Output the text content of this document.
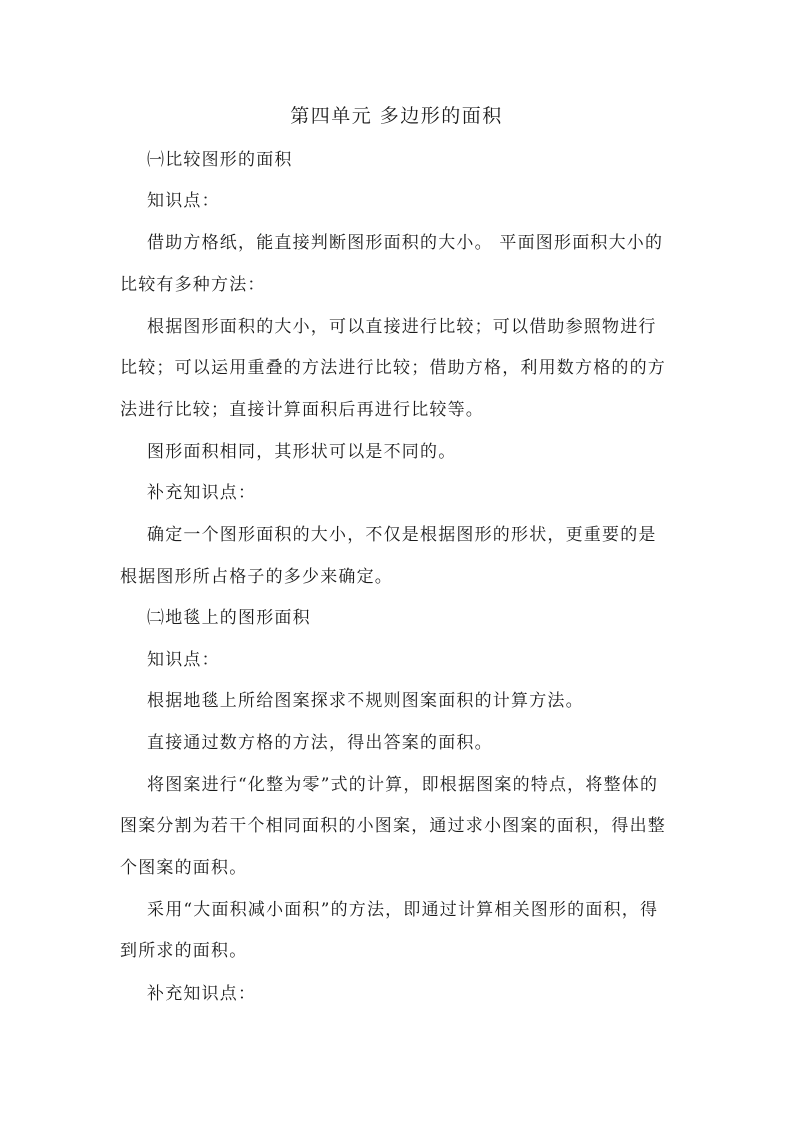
第四单元 多边形的面积
㈠比较图形的面积
知识点：
借助方格纸，能直接判断图形面积的大小。 平面图形面积大小的
比较有多种方法：
根据图形面积的大小，可以直接进行比较；可以借助参照物进行
比较；可以运用重叠的方法进行比较；借助方格，利用数方格的的方
法进行比较；直接计算面积后再进行比较等。
图形面积相同，其形状可以是不同的。
补充知识点：
确定一个图形面积的大小，不仅是根据图形的形状，更重要的是
根据图形所占格子的多少来确定。
㈡地毯上的图形面积
知识点：
根据地毯上所给图案探求不规则图案面积的计算方法。
直接通过数方格的方法，得出答案的面积。
将图案进行“化整为零”式的计算，即根据图案的特点，将整体的
图案分割为若干个相同面积的小图案，通过求小图案的面积，得出整
个图案的面积。
采用“大面积减小面积”的方法，即通过计算相关图形的面积，得
到所求的面积。
补充知识点：
